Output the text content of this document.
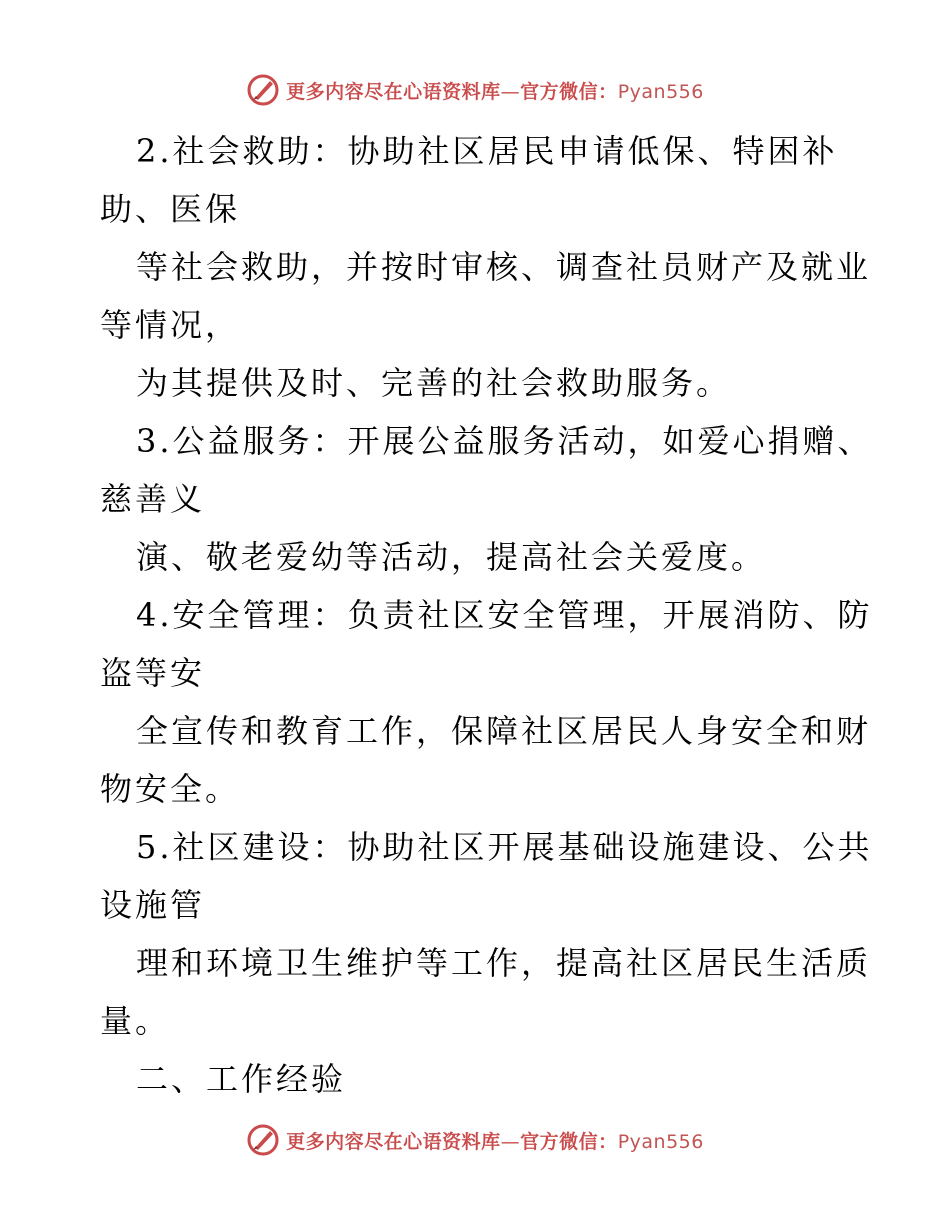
更多内容尽在心语资料库—官方微信：Pyan556

2.社会救助：协助社区居民申请低保、特困补

助、医保

等社会救助，并按时审核、调查社员财产及就业

等情况，

为其提供及时、完善的社会救助服务。

3.公益服务：开展公益服务活动，如爱心捐赠、

慈善义

演、敬老爱幼等活动，提高社会关爱度。

4.安全管理：负责社区安全管理，开展消防、防

盗等安

全宣传和教育工作，保障社区居民人身安全和财

物安全。

5.社区建设：协助社区开展基础设施建设、公共

设施管

理和环境卫生维护等工作，提高社区居民生活质

量。

二、工作经验

更多内容尽在心语资料库—官方微信：Pyan556
